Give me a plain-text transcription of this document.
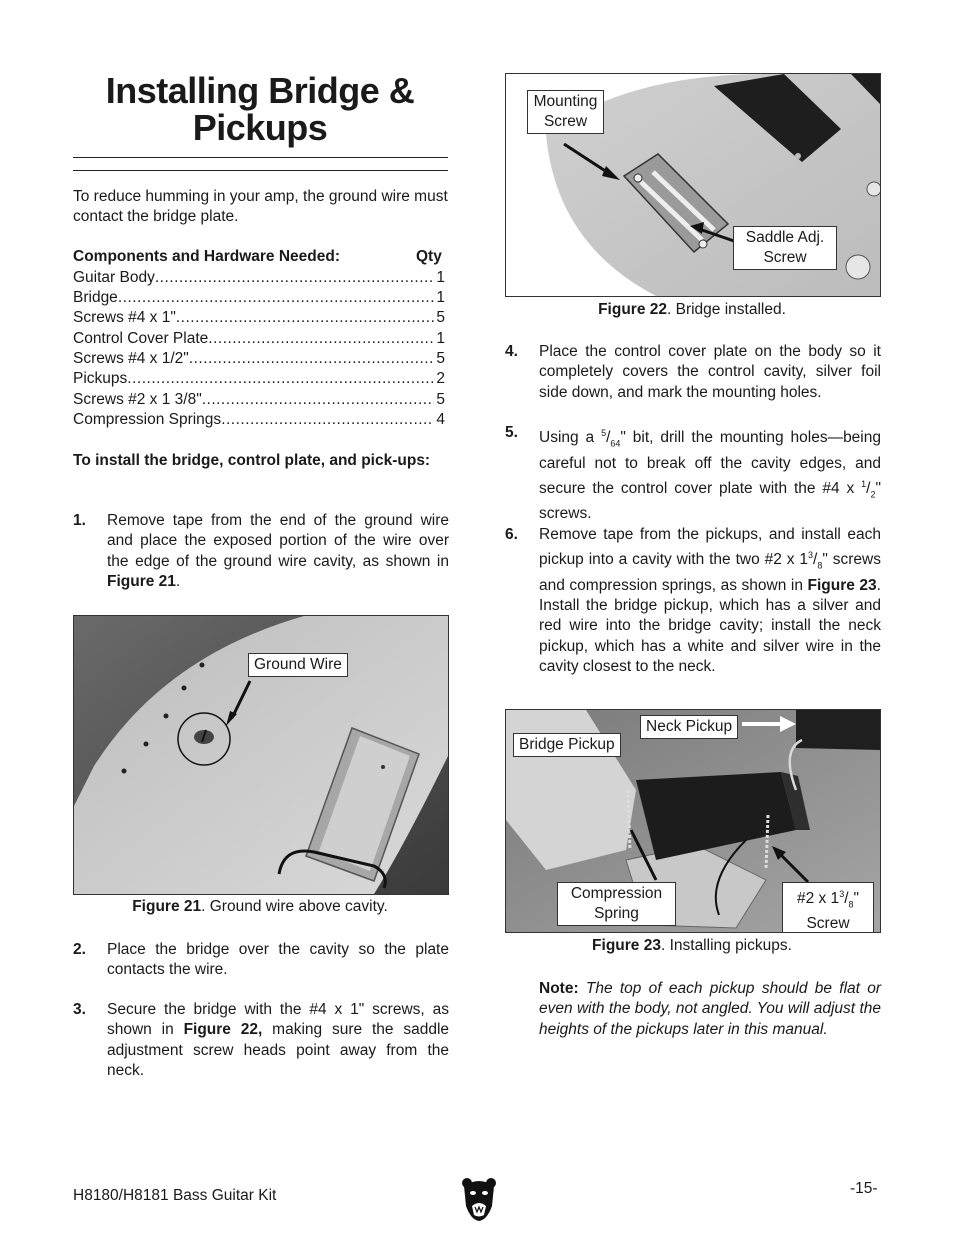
Installing Bridge &
Pickups
To reduce humming in your amp, the ground wire must contact the bridge plate.
Components and Hardware Needed:	Qty
Guitar Body .....	1
Bridge .....	1
Screws #4 x 1" .....	5
Control Cover Plate .....	1
Screws #4 x 1/2" .....	5
Pickups .....	2
Screws #2 x 1 3/8" .....	5
Compression Springs .....	4
To install the bridge, control plate, and pick-ups:
1. Remove tape from the end of the ground wire and place the exposed portion of the wire over the edge of the ground wire cavity, as shown in Figure 21.
Ground Wire
Figure 21. Ground wire above cavity.
2. Place the bridge over the cavity so the plate contacts the wire.
3. Secure the bridge with the #4 x 1" screws, as shown in Figure 22, making sure the saddle adjustment screw heads point away from the neck.
Mounting
Screw
Saddle Adj.
Screw
Figure 22. Bridge installed.
4. Place the control cover plate on the body so it completely covers the control cavity, silver foil side down, and mark the mounting holes.
5. Using a $^5/_{64}$" bit, drill the mounting holes—being careful not to break off the cavity edges, and secure the control cover plate with the #4 x $^1/_2$" screws.
6. Remove tape from the pickups, and install each pickup into a cavity with the two #2 x $1^3/_8$" screws and compression springs, as shown in Figure 23. Install the bridge pickup, which has a silver and red wire into the bridge cavity; install the neck pickup, which has a white and silver wire in the cavity closest to the neck.
Neck Pickup
Bridge Pickup
Compression
Spring
#2 x $1^3/_8$"
Screw
Figure 23. Installing pickups.
Note: The top of each pickup should be flat or even with the body, not angled. You will adjust the heights of the pickups later in this manual.
H8180/H8181 Bass Guitar Kit	-15-
